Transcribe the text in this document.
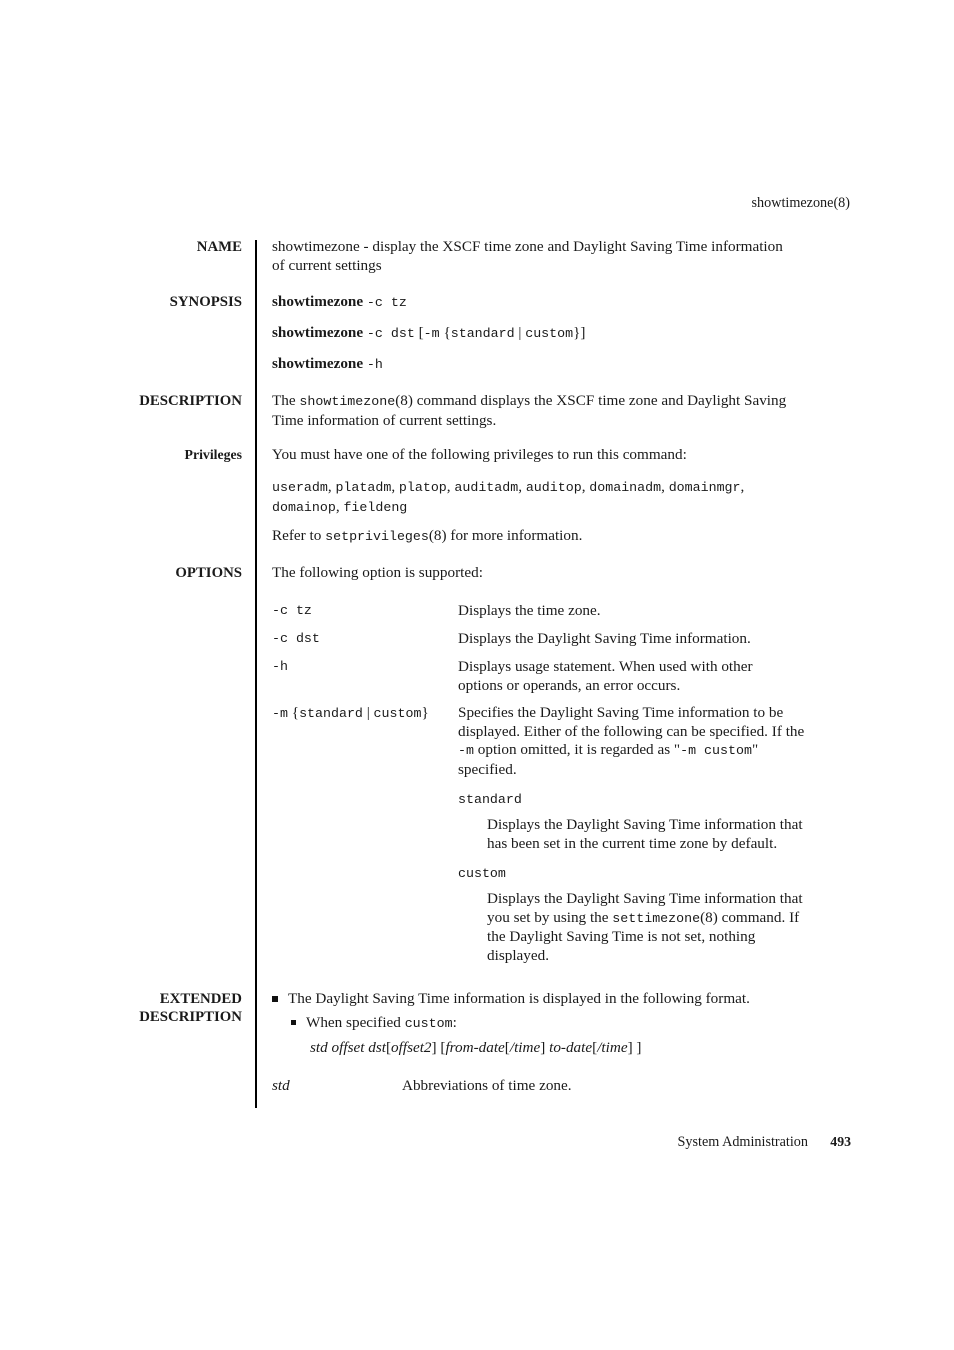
showtimezone(8)
NAME showtimezone - display the XSCF time zone and Daylight Saving Time information

of current settings

SYNOPSIS showtimezone -c tz
showtimezone -c dst [-m {standard | custom}]
showtimezone -h
DESCRIPTION The showtimezone(8) command displays the XSCF time zone and Daylight Saving

Time information of current settings.

Privileges You must have one of the following privileges to run this command:

useradm, platadm, platop, auditadm, auditop, domainadm, domainmgr,

domainop, fieldeng

Refer to setprivileges(8) for more information.
OPTIONS The following option is supported:
-c tz	Displays the time zone.
-c dst	Displays the Daylight Saving Time information.
-h	Displays usage statement. When used with other

options or operands, an error occurs.

-m {standard | custom} Specifies the Daylight Saving Time information to be

displayed. Either of the following can be specified. If the

-m option omitted, it is regarded as "-m custom"

specified.

standard

Displays the Daylight Saving Time information that

has been set in the current time zone by default.

custom

Displays the Daylight Saving Time information that

you set by using the settimezone(8) command. If

the Daylight Saving Time is not set, nothing

displayed.

EXTENDED
DESCRIPTION
The Daylight Saving Time information is displayed in the following format.
When specified custom:
std offset dst[offset2] [from-date[/time] to-date[/time] ]
std	Abbreviations of time zone.
System Administration 493
